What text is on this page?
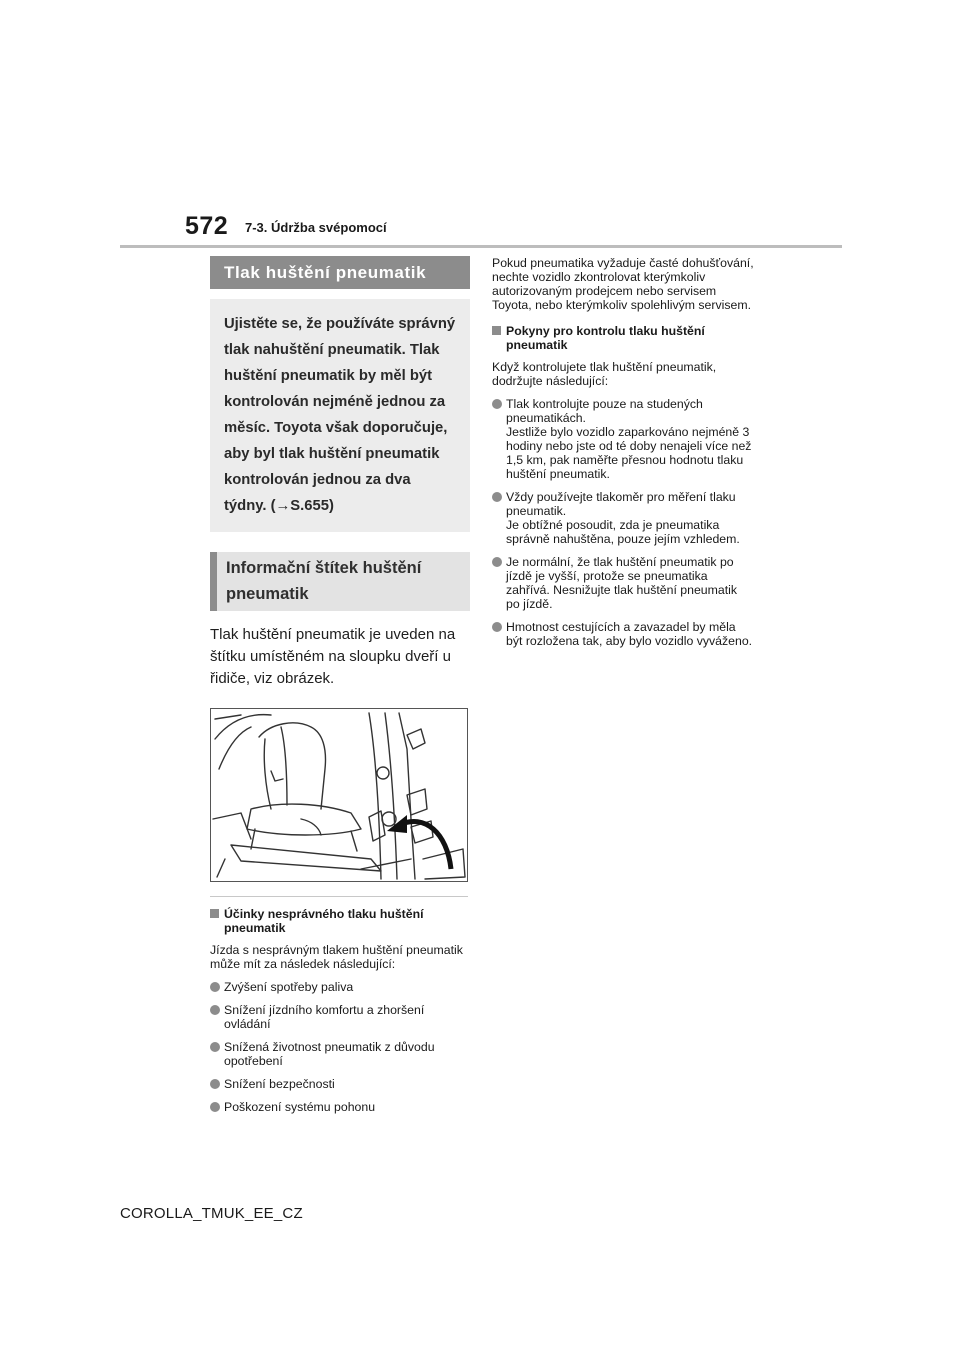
572 7-3. Údržba svépomocí
Tlak huštění pneumatik
Ujistěte se, že používáte správný tlak nahuštění pneumatik. Tlak huštění pneumatik by měl být kontrolován nejméně jednou za měsíc. Toyota však doporučuje, aby byl tlak huštění pneumatik kontrolován jednou za dva týdny. (→S.655)
Informační štítek huštění pneumatik
Tlak huštění pneumatik je uveden na štítku umístěném na sloupku dveří u řidiče, viz obrázek.
Účinky nesprávného tlaku huštění pneumatik
Jízda s nesprávným tlakem huštění pneumatik může mít za následek následující:
Zvýšení spotřeby paliva
Snížení jízdního komfortu a zhoršení ovládání
Snížená životnost pneumatik z důvodu opotřebení
Snížení bezpečnosti
Poškození systému pohonu
Pokud pneumatika vyžaduje časté dohušťování, nechte vozidlo zkontrolovat kterýmkoliv autorizovaným prodejcem nebo servisem Toyota, nebo kterýmkoliv spolehlivým servisem.
Pokyny pro kontrolu tlaku huštění pneumatik
Když kontrolujete tlak huštění pneumatik, dodržujte následující:
Tlak kontrolujte pouze na studených pneumatikách.
Jestliže bylo vozidlo zaparkováno nejméně 3 hodiny nebo jste od té doby nenajeli více než 1,5 km, pak naměřte přesnou hodnotu tlaku huštění pneumatik.
Vždy používejte tlakoměr pro měření tlaku pneumatik.
Je obtížné posoudit, zda je pneumatika správně nahuštěna, pouze jejím vzhledem.
Je normální, že tlak huštění pneumatik po jízdě je vyšší, protože se pneumatika zahřívá. Nesnižujte tlak huštění pneumatik po jízdě.
Hmotnost cestujících a zavazadel by měla být rozložena tak, aby bylo vozidlo vyváženo.
COROLLA_TMUK_EE_CZ
